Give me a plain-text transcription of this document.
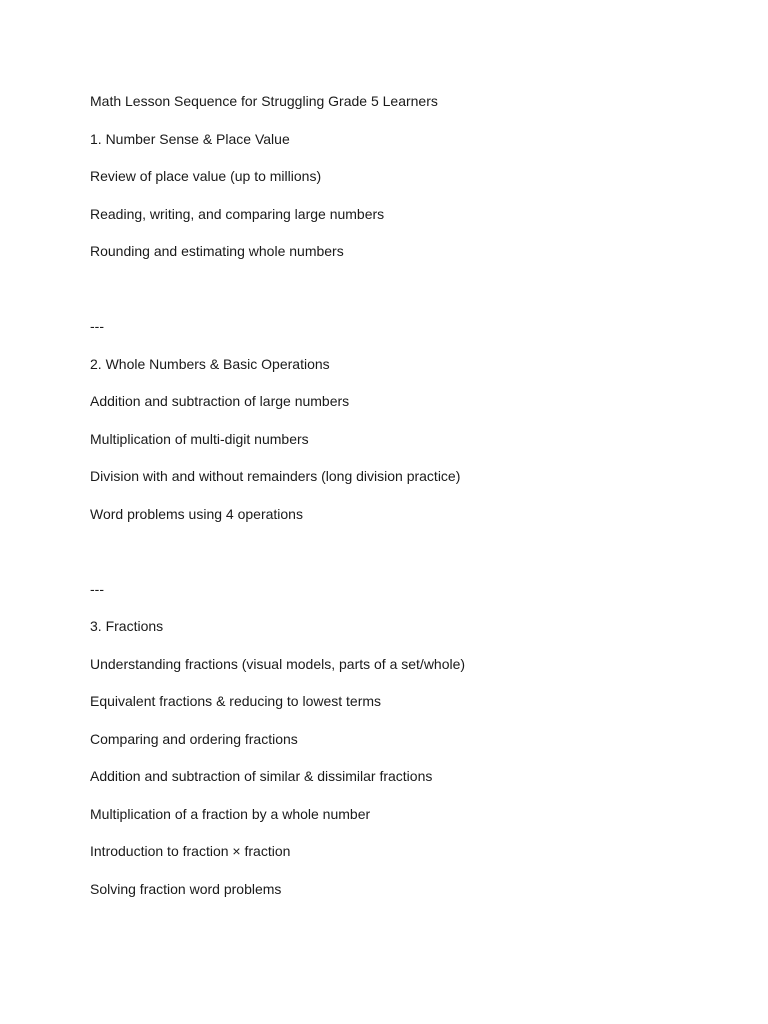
Math Lesson Sequence for Struggling Grade 5 Learners
1. Number Sense & Place Value
Review of place value (up to millions)
Reading, writing, and comparing large numbers
Rounding and estimating whole numbers
---
2. Whole Numbers & Basic Operations
Addition and subtraction of large numbers
Multiplication of multi-digit numbers
Division with and without remainders (long division practice)
Word problems using 4 operations
---
3. Fractions
Understanding fractions (visual models, parts of a set/whole)
Equivalent fractions & reducing to lowest terms
Comparing and ordering fractions
Addition and subtraction of similar & dissimilar fractions
Multiplication of a fraction by a whole number
Introduction to fraction × fraction
Solving fraction word problems
